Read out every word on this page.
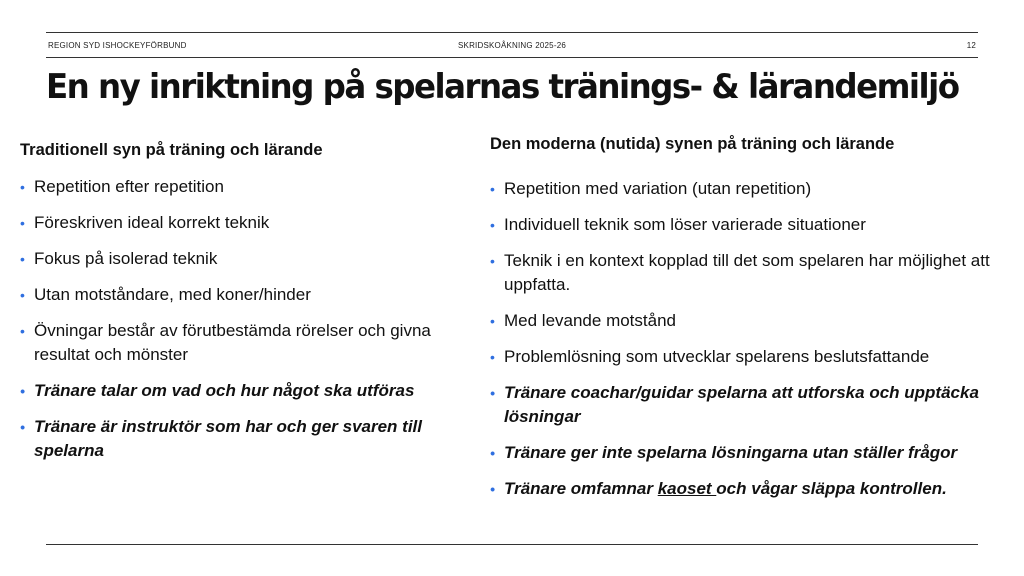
REGION SYD ISHOCKEYFÖRBUND	SKRIDSKOÅKNING 2025-26	12
En ny inriktning på spelarnas tränings- & lärandemiljö
Traditionell syn på träning och lärande
• Repetition efter repetition
• Föreskriven ideal korrekt teknik
• Fokus på isolerad teknik
• Utan motståndare, med koner/hinder
• Övningar består av förutbestämda rörelser och givna resultat och mönster
• Tränare talar om vad och hur något ska utföras
• Tränare är instruktör som har och ger svaren till spelarna
Den moderna (nutida) synen på träning och lärande
• Repetition med variation (utan repetition)
• Individuell teknik som löser varierade situationer
• Teknik i en kontext kopplad till det som spelaren har möjlighet att uppfatta.
• Med levande motstånd
• Problemlösning som utvecklar spelarens beslutsfattande
• Tränare coachar/guidar spelarna att utforska och upptäcka lösningar
• Tränare ger inte spelarna lösningarna utan ställer frågor
• Tränare omfamnar kaoset och vågar släppa kontrollen.
